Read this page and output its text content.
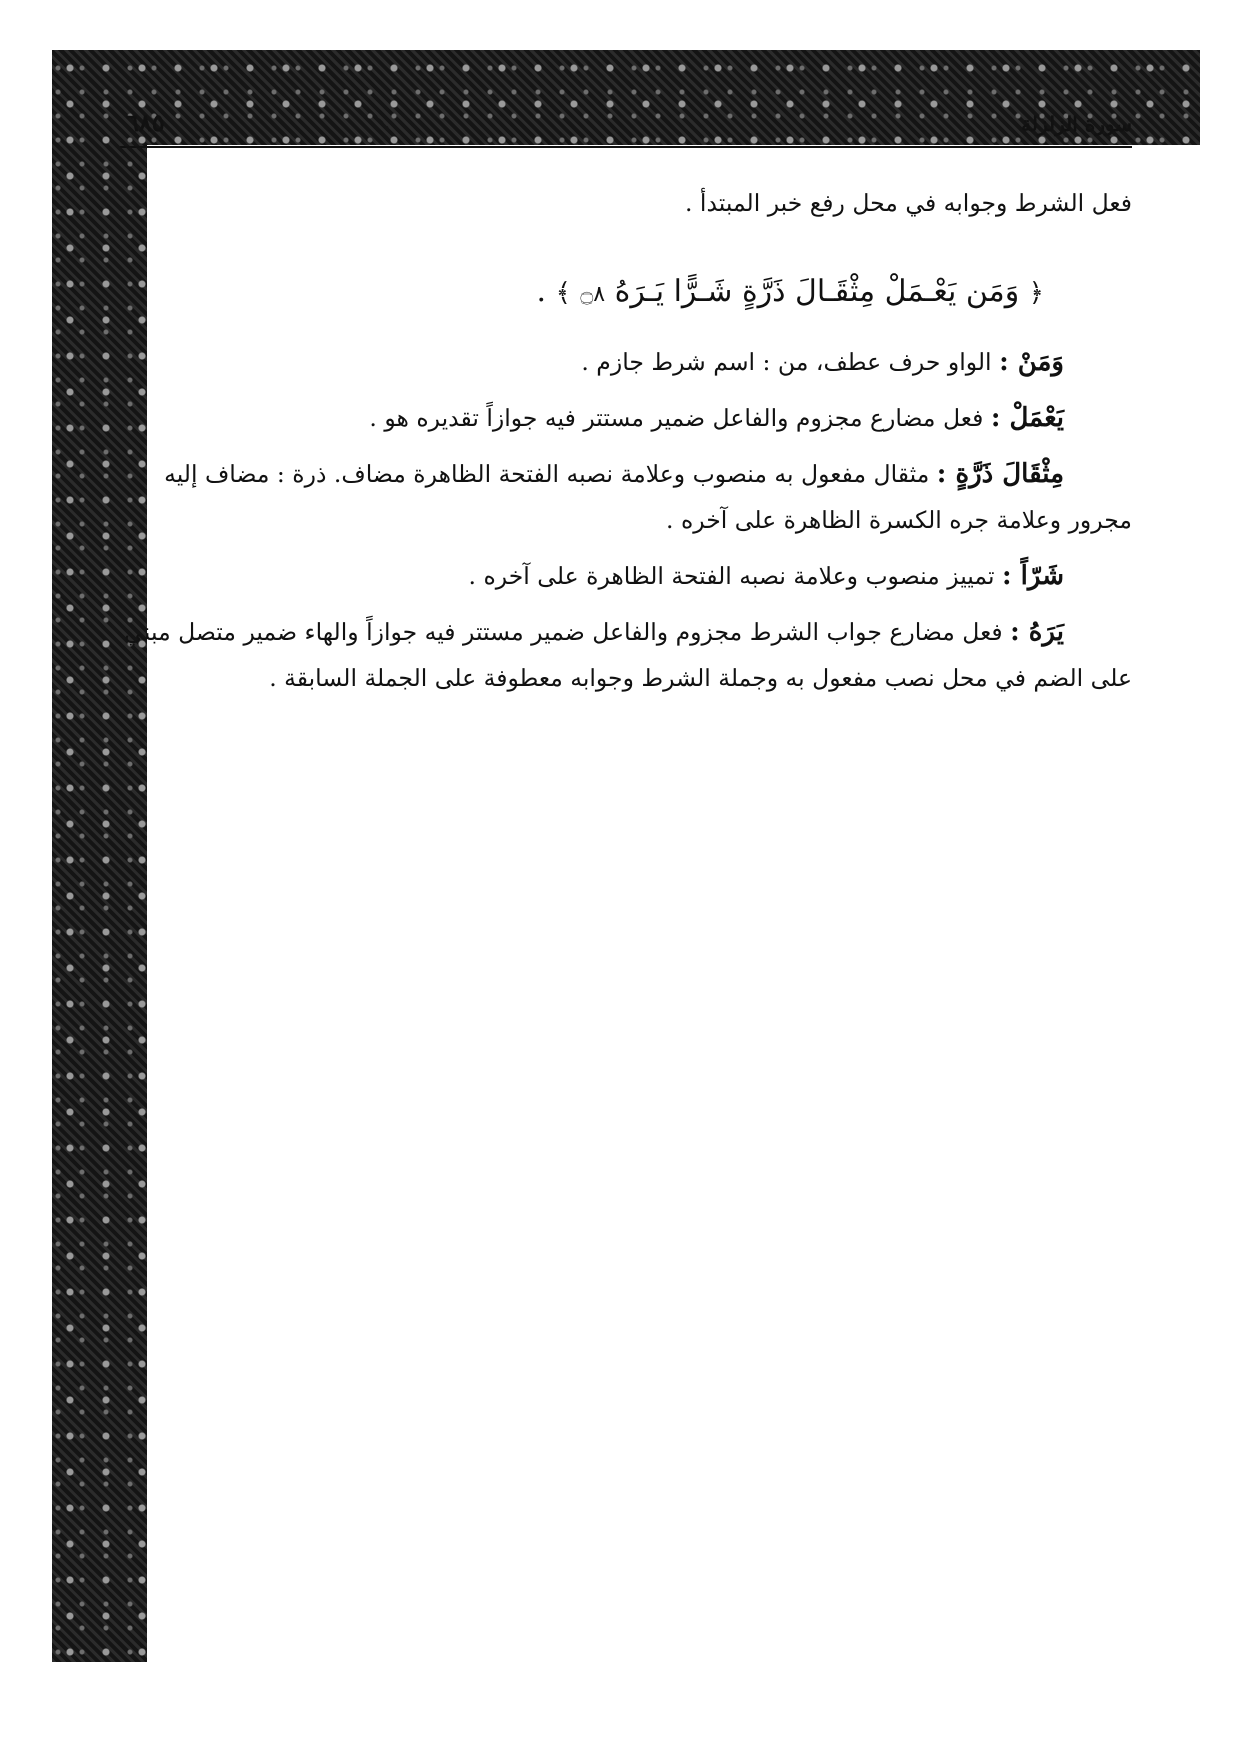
سورة الزلزلة
٦٨٥

فعل الشرط وجوابه في محل رفع خبر المبتدأ .

﴿ وَمَن يَعْـمَلْ مِثْقَـالَ ذَرَّةٍ شَـرًّا يَـرَهُ ۝٨ ﴾ .

وَمَنْ : الواو حرف عطف، من : اسم شرط جازم .

يَعْمَلْ : فعل مضارع مجزوم والفاعل ضمير مستتر فيه جوازاً تقديره هو .

مِثْقَالَ ذَرَّةٍ : مثقال مفعول به منصوب وعلامة نصبه الفتحة الظاهرة مضاف. ذرة : مضاف إليه مجرور وعلامة جره الكسرة الظاهرة على آخره .

شَرّاً : تمييز منصوب وعلامة نصبه الفتحة الظاهرة على آخره .

يَرَهُ : فعل مضارع جواب الشرط مجزوم والفاعل ضمير مستتر فيه جوازاً والهاء ضمير متصل مبني على الضم في محل نصب مفعول به وجملة الشرط وجوابه معطوفة على الجملة السابقة .
